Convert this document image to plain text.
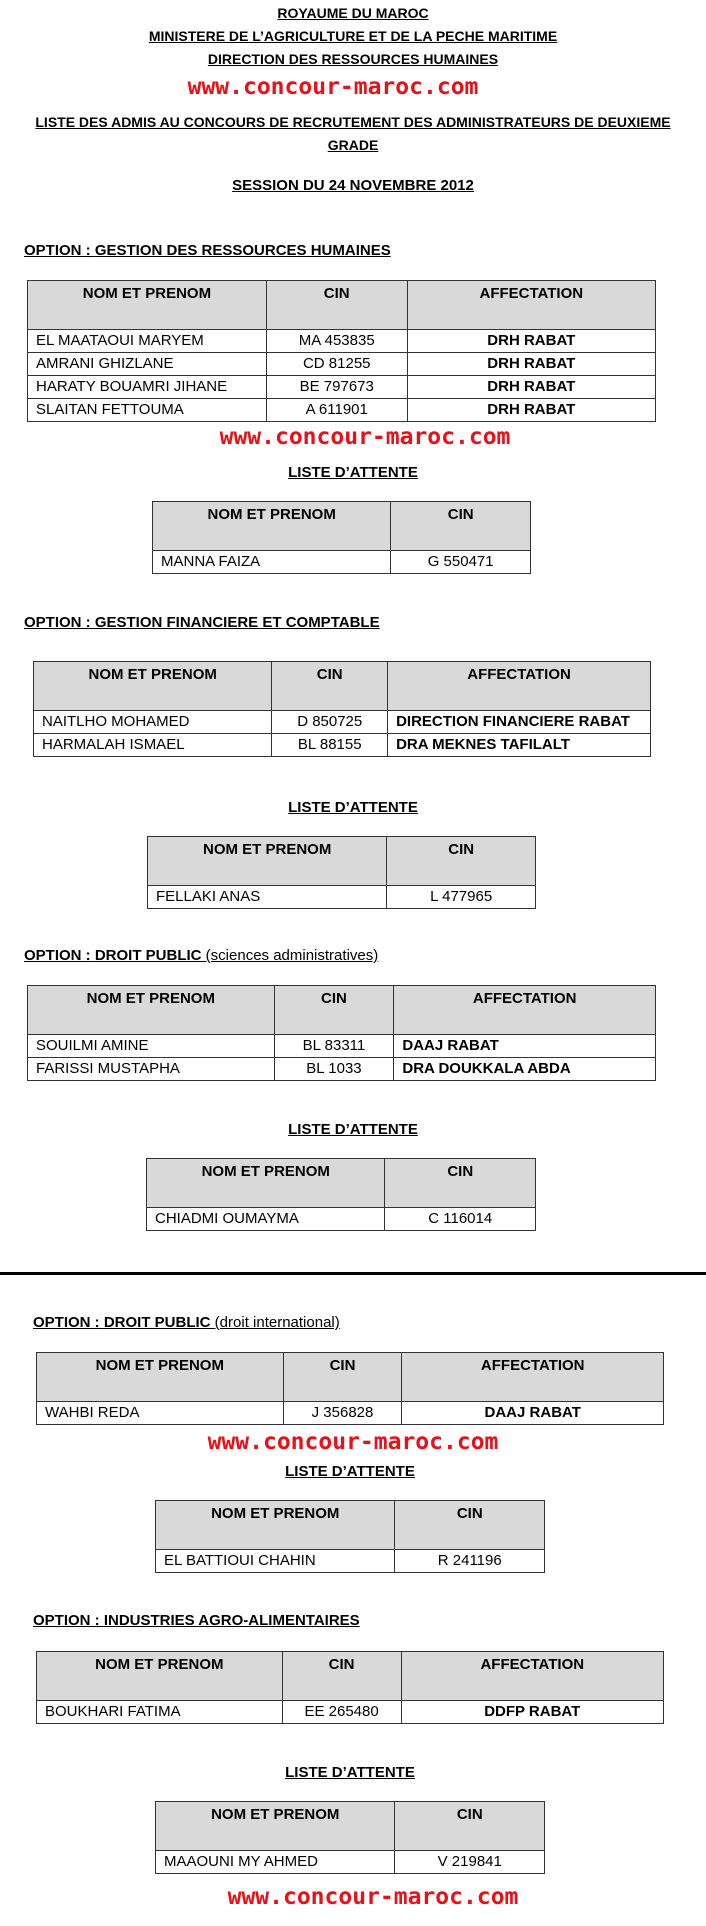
ROYAUME DU MAROC
MINISTERE DE L’AGRICULTURE ET DE LA PECHE MARITIME
DIRECTION DES RESSOURCES HUMAINES
www.concour-maroc.com
LISTE DES ADMIS AU CONCOURS DE RECRUTEMENT DES ADMINISTRATEURS DE DEUXIEME
GRADE
SESSION DU 24 NOVEMBRE 2012
OPTION : GESTION DES RESSOURCES HUMAINES
NOM ET PRENOM	CIN	AFFECTATION
EL MAATAOUI MARYEM	MA 453835	DRH RABAT
AMRANI GHIZLANE	CD 81255	DRH RABAT
HARATY BOUAMRI JIHANE	BE 797673	DRH RABAT
SLAITAN FETTOUMA	A 611901	DRH RABAT
www.concour-maroc.com
LISTE D’ATTENTE
NOM ET PRENOM	CIN
MANNA FAIZA	G 550471
OPTION : GESTION FINANCIERE ET COMPTABLE
NOM ET PRENOM	CIN	AFFECTATION
NAITLHO MOHAMED	D 850725	DIRECTION FINANCIERE RABAT
HARMALAH ISMAEL	BL 88155	DRA MEKNES TAFILALT
LISTE D’ATTENTE
NOM ET PRENOM	CIN
FELLAKI ANAS	L 477965
OPTION : DROIT PUBLIC (sciences administratives)
NOM ET PRENOM	CIN	AFFECTATION
SOUILMI AMINE	BL 83311	DAAJ RABAT
FARISSI MUSTAPHA	BL 1033	DRA DOUKKALA ABDA
LISTE D’ATTENTE
NOM ET PRENOM	CIN
CHIADMI OUMAYMA	C 116014
OPTION : DROIT PUBLIC (droit international)
NOM ET PRENOM	CIN	AFFECTATION
WAHBI REDA	J 356828	DAAJ RABAT
www.concour-maroc.com
LISTE D’ATTENTE
NOM ET PRENOM	CIN
EL BATTIOUI CHAHIN	R 241196
OPTION : INDUSTRIES AGRO-ALIMENTAIRES
NOM ET PRENOM	CIN	AFFECTATION
BOUKHARI FATIMA	EE 265480	DDFP RABAT
LISTE D’ATTENTE
NOM ET PRENOM	CIN
MAAOUNI MY AHMED	V 219841
www.concour-maroc.com
